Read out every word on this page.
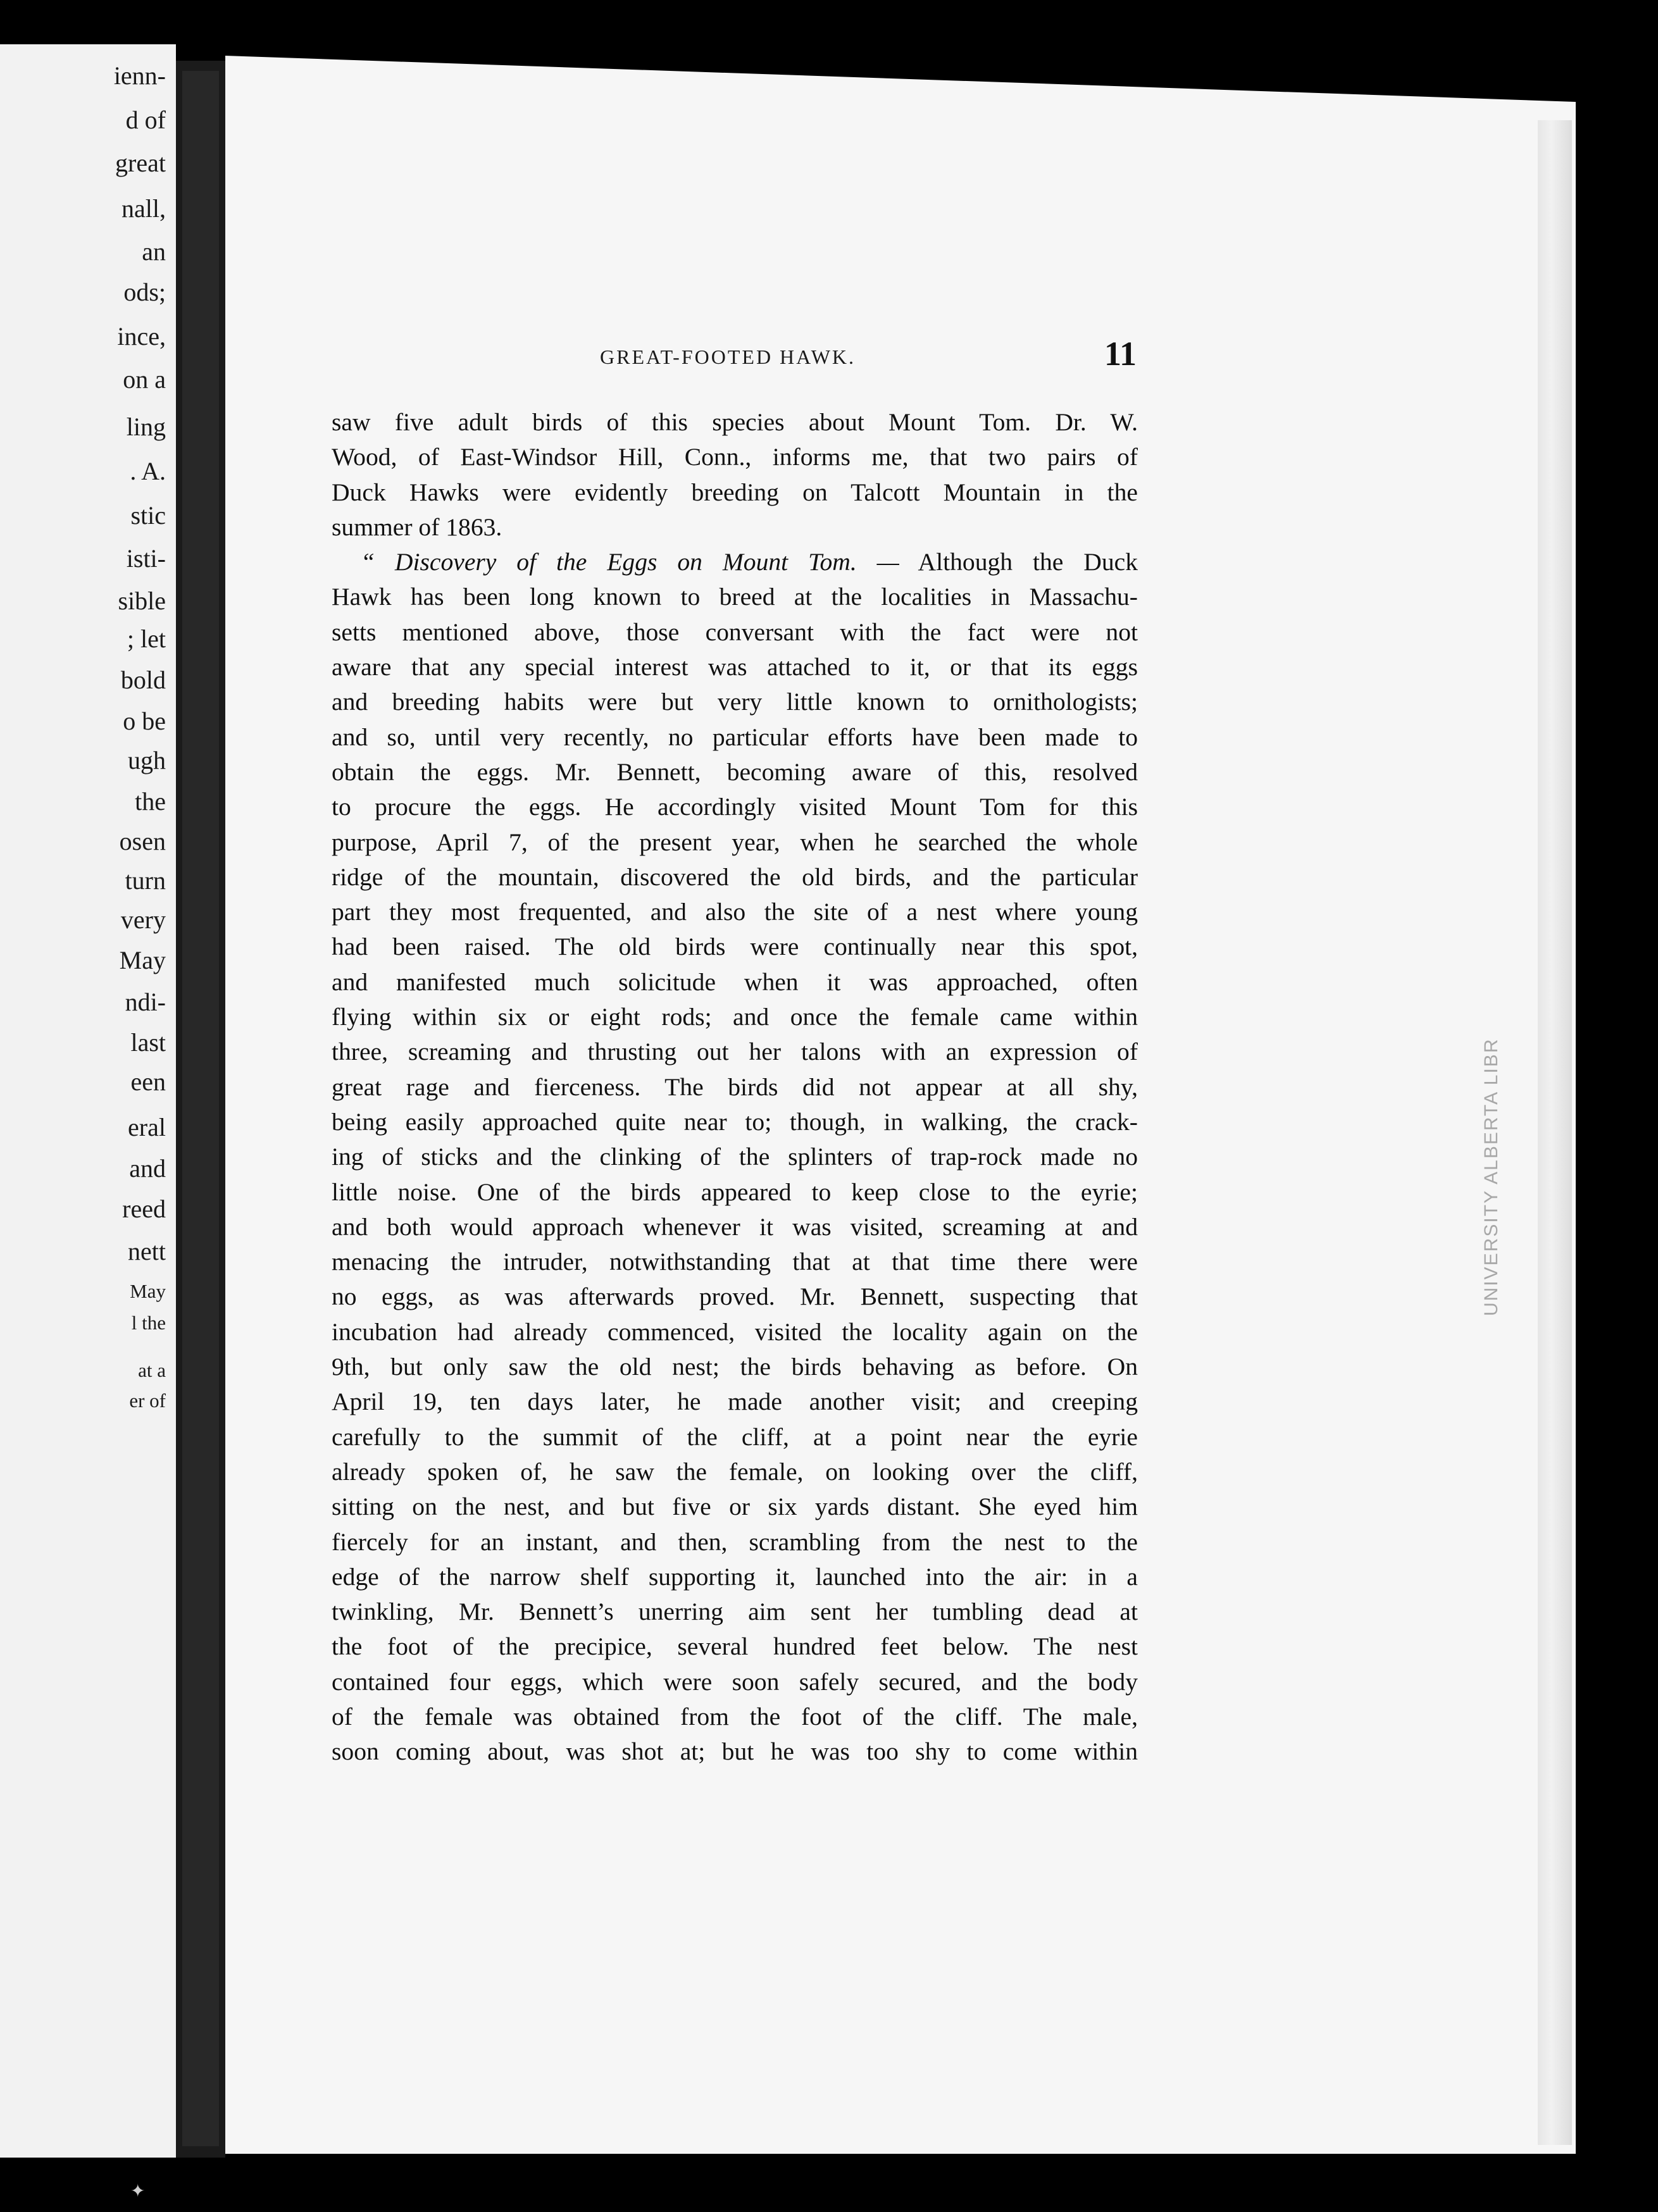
ienn-
d of
great
nall,
an
ods;
ince,
on a
ling
. A.
stic
isti-
sible
; let
bold
o be
ugh
the
osen
turn
very
May
ndi-
last
een
eral
and
reed
nett
May
l the
at a
er of
UNIVERSITY ALBERTA LIBR
GREAT-FOOTED HAWK.	11
saw five adult birds of this species about Mount Tom. Dr. W.
Wood, of East-Windsor Hill, Conn., informs me, that two pairs of
Duck Hawks were evidently breeding on Talcott Mountain in the
summer of 1863.
“ Discovery of the Eggs on Mount Tom. — Although the Duck
Hawk has been long known to breed at the localities in Massachu-
setts mentioned above, those conversant with the fact were not
aware that any special interest was attached to it, or that its eggs
and breeding habits were but very little known to ornithologists;
and so, until very recently, no particular efforts have been made to
obtain the eggs. Mr. Bennett, becoming aware of this, resolved
to procure the eggs. He accordingly visited Mount Tom for this
purpose, April 7, of the present year, when he searched the whole
ridge of the mountain, discovered the old birds, and the particular
part they most frequented, and also the site of a nest where young
had been raised. The old birds were continually near this spot,
and manifested much solicitude when it was approached, often
flying within six or eight rods; and once the female came within
three, screaming and thrusting out her talons with an expression of
great rage and fierceness. The birds did not appear at all shy,
being easily approached quite near to; though, in walking, the crack-
ing of sticks and the clinking of the splinters of trap-rock made no
little noise. One of the birds appeared to keep close to the eyrie;
and both would approach whenever it was visited, screaming at and
menacing the intruder, notwithstanding that at that time there were
no eggs, as was afterwards proved. Mr. Bennett, suspecting that
incubation had already commenced, visited the locality again on the
9th, but only saw the old nest; the birds behaving as before. On
April 19, ten days later, he made another visit; and creeping
carefully to the summit of the cliff, at a point near the eyrie
already spoken of, he saw the female, on looking over the cliff,
sitting on the nest, and but five or six yards distant. She eyed him
fiercely for an instant, and then, scrambling from the nest to the
edge of the narrow shelf supporting it, launched into the air: in a
twinkling, Mr. Bennett’s unerring aim sent her tumbling dead at
the foot of the precipice, several hundred feet below. The nest
contained four eggs, which were soon safely secured, and the body
of the female was obtained from the foot of the cliff. The male,
soon coming about, was shot at; but he was too shy to come within
✦
